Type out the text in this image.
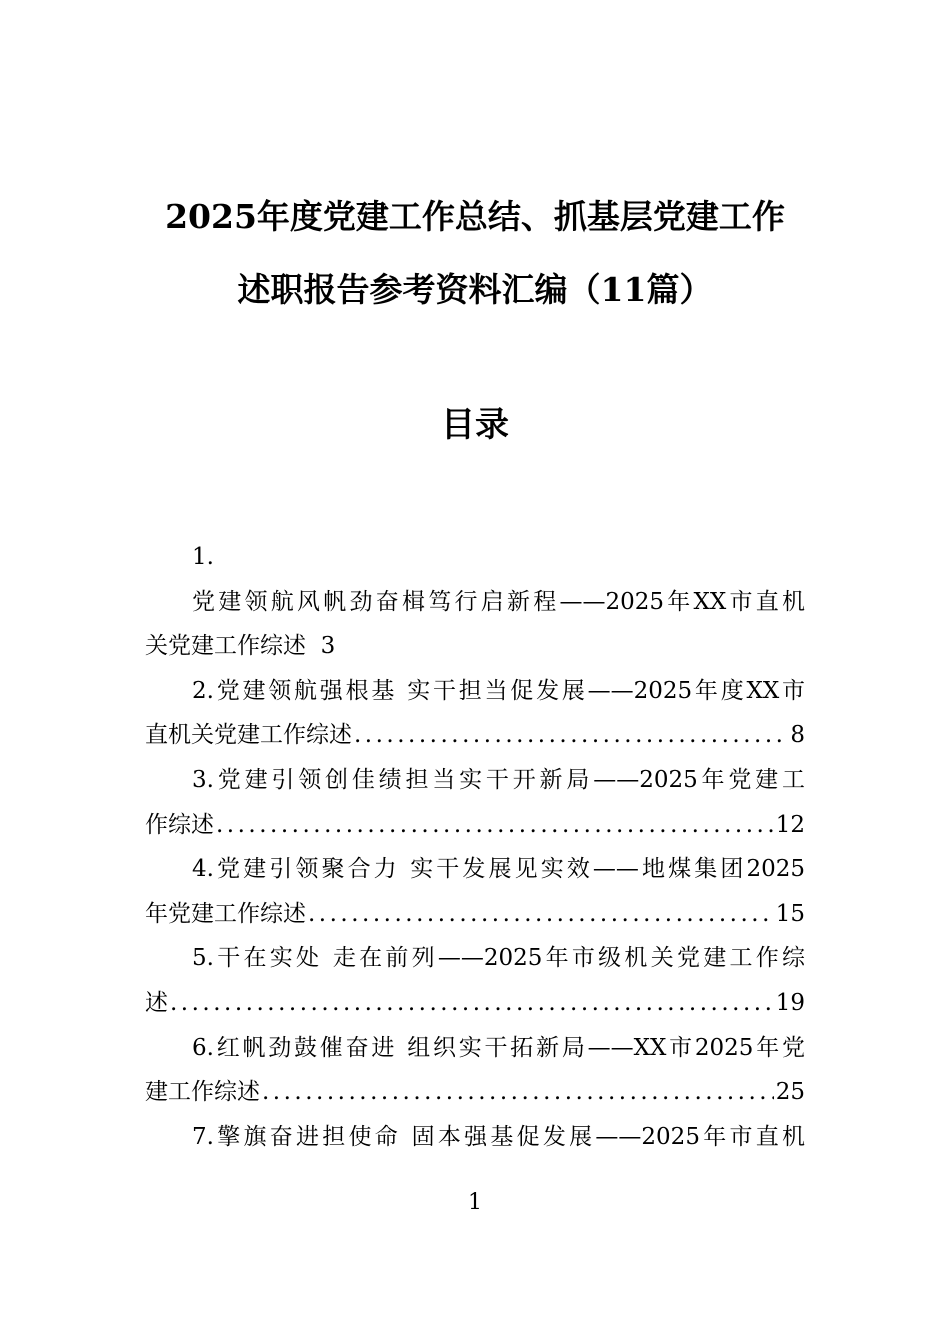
2025年度党建工作总结、抓基层党建工作
述职报告参考资料汇编（11篇）
目录
1.
党建领航风帆劲奋楫笃行启新程——2025年XX市直机
关党建工作综述 3
2.党建领航强根基 实干担当促发展——2025年度XX市
直机关党建工作综述 .....	8
3.党建引领创佳绩担当实干开新局——2025年党建工
作综述 .....	12
4.党建引领聚合力 实干发展见实效——地煤集团2025
年党建工作综述 .....	15
5.干在实处 走在前列——2025年市级机关党建工作综
述 .....	19
6.红帆劲鼓催奋进 组织实干拓新局——XX市2025年党
建工作综述 .....	25
7.擎旗奋进担使命 固本强基促发展——2025年市直机
1
